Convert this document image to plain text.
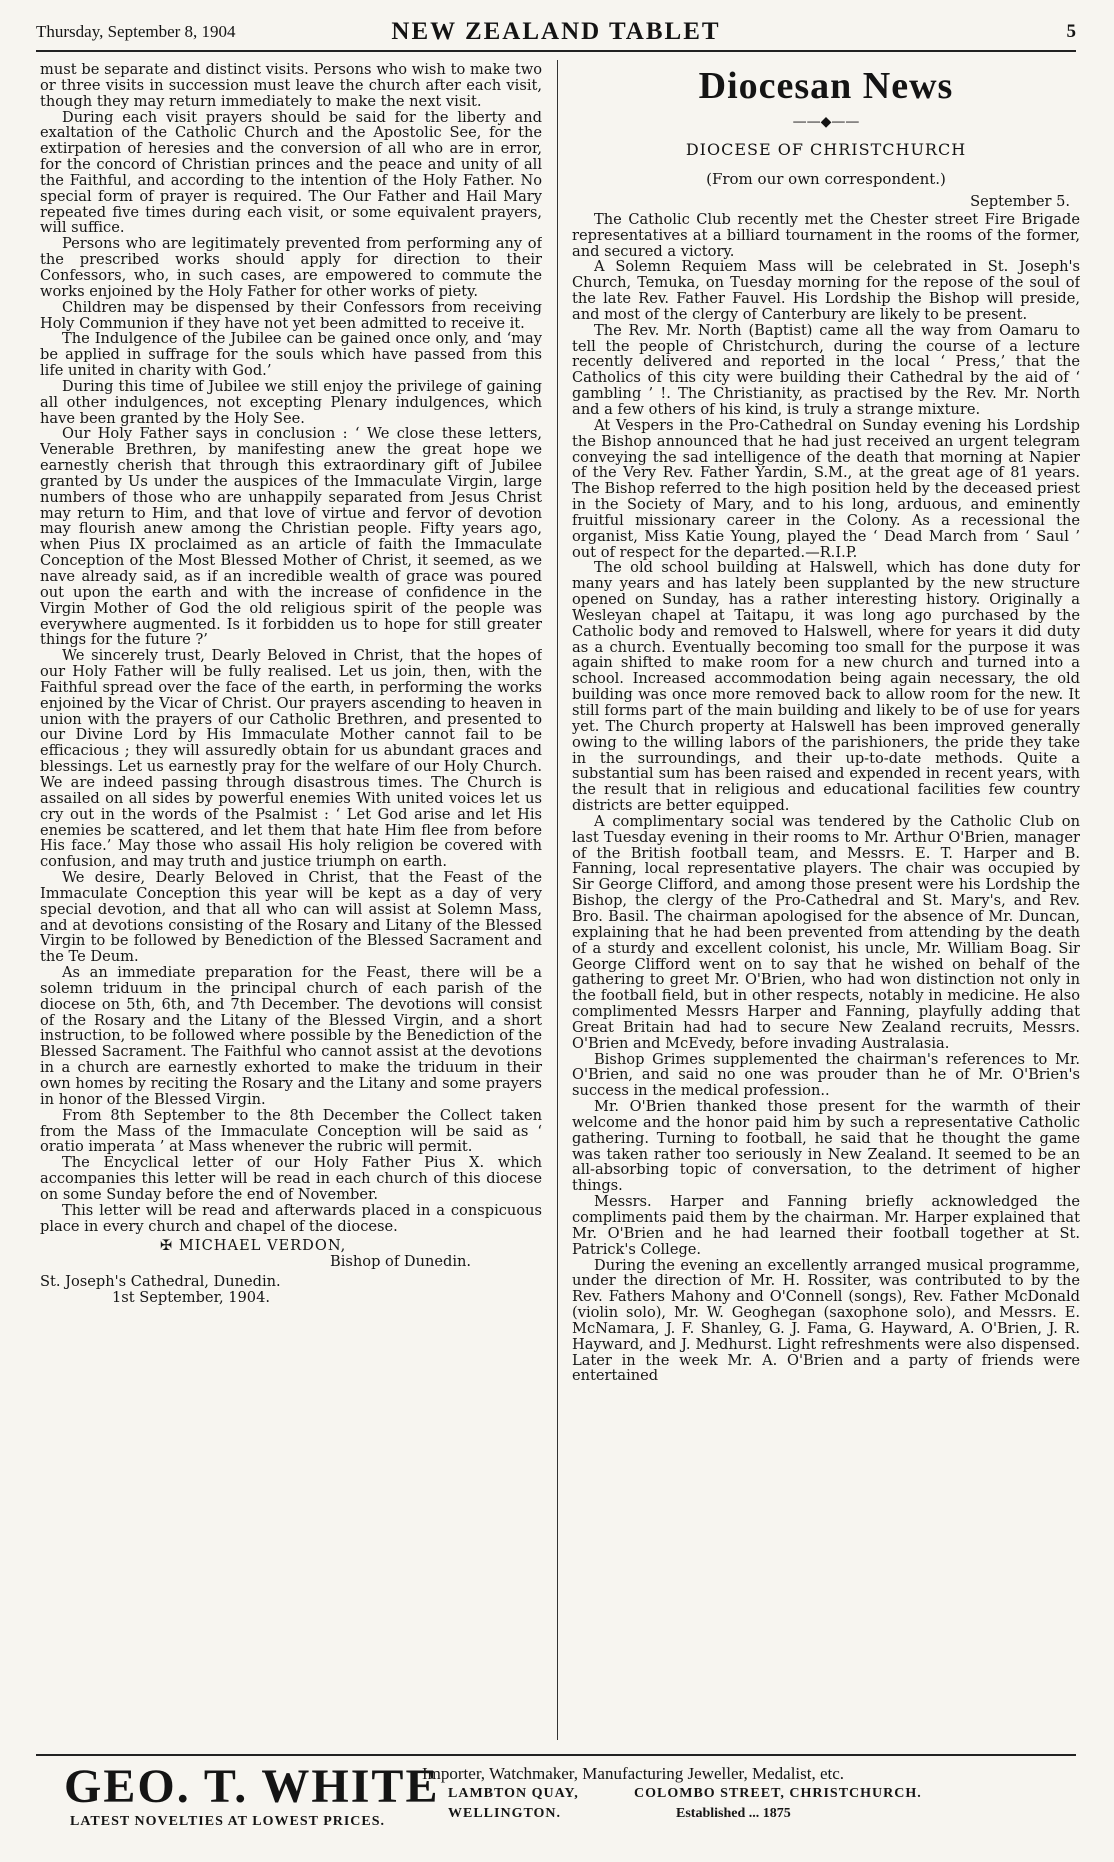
Thursday, September 8, 1904	NEW ZEALAND TABLET	5

must be separate and distinct visits. Persons who wish to make two or three visits in succession must leave the church after each visit, though they may return immediately to make the next visit.

During each visit prayers should be said for the liberty and exaltation of the Catholic Church and the Apostolic See, for the extirpation of heresies and the conversion of all who are in error, for the concord of Christian princes and the peace and unity of all the Faithful, and according to the intention of the Holy Father. No special form of prayer is required. The Our Father and Hail Mary repeated five times during each visit, or some equivalent prayers, will suffice.

Persons who are legitimately prevented from performing any of the prescribed works should apply for direction to their Confessors, who, in such cases, are empowered to commute the works enjoined by the Holy Father for other works of piety.

Children may be dispensed by their Confessors from receiving Holy Communion if they have not yet been admitted to receive it.

The Indulgence of the Jubilee can be gained once only, and ‘may be applied in suffrage for the souls which have passed from this life united in charity with God.’

During this time of Jubilee we still enjoy the privilege of gaining all other indulgences, not excepting Plenary indulgences, which have been granted by the Holy See.

Our Holy Father says in conclusion : ‘ We close these letters, Venerable Brethren, by manifesting anew the great hope we earnestly cherish that through this extraordinary gift of Jubilee granted by Us under the auspices of the Immaculate Virgin, large numbers of those who are unhappily separated from Jesus Christ may return to Him, and that love of virtue and fervor of devotion may flourish anew among the Christian people. Fifty years ago, when Pius IX proclaimed as an article of faith the Immaculate Conception of the Most Blessed Mother of Christ, it seemed, as we nave already said, as if an incredible wealth of grace was poured out upon the earth and with the increase of confidence in the Virgin Mother of God the old religious spirit of the people was everywhere augmented. Is it forbidden us to hope for still greater things for the future ?’

We sincerely trust, Dearly Beloved in Christ, that the hopes of our Holy Father will be fully realised. Let us join, then, with the Faithful spread over the face of the earth, in performing the works enjoined by the Vicar of Christ. Our prayers ascending to heaven in union with the prayers of our Catholic Brethren, and presented to our Divine Lord by His Immaculate Mother cannot fail to be efficacious ; they will assuredly obtain for us abundant graces and blessings. Let us earnestly pray for the welfare of our Holy Church. We are indeed passing through disastrous times. The Church is assailed on all sides by powerful enemies With united voices let us cry out in the words of the Psalmist : ‘ Let God arise and let His enemies be scattered, and let them that hate Him flee from before His face.’ May those who assail His holy religion be covered with confusion, and may truth and justice triumph on earth.

We desire, Dearly Beloved in Christ, that the Feast of the Immaculate Conception this year will be kept as a day of very special devotion, and that all who can will assist at Solemn Mass, and at devotions consisting of the Rosary and Litany of the Blessed Virgin to be followed by Benediction of the Blessed Sacrament and the Te Deum.

As an immediate preparation for the Feast, there will be a solemn triduum in the principal church of each parish of the diocese on 5th, 6th, and 7th December. The devotions will consist of the Rosary and the Litany of the Blessed Virgin, and a short instruction, to be followed where possible by the Benediction of the Blessed Sacrament. The Faithful who cannot assist at the devotions in a church are earnestly exhorted to make the triduum in their own homes by reciting the Rosary and the Litany and some prayers in honor of the Blessed Virgin.

From 8th September to the 8th December the Collect taken from the Mass of the Immaculate Conception will be said as ‘ oratio imperata ’ at Mass whenever the rubric will permit.

The Encyclical letter of our Holy Father Pius X. which accompanies this letter will be read in each church of this diocese on some Sunday before the end of November.

This letter will be read and afterwards placed in a conspicuous place in every church and chapel of the diocese.

✠ MICHAEL VERDON,
Bishop of Dunedin.
St. Joseph's Cathedral, Dunedin.
1st September, 1904.
Diocesan News
——◆——
DIOCESE OF CHRISTCHURCH
(From our own correspondent.)
September 5.

The Catholic Club recently met the Chester street Fire Brigade representatives at a billiard tournament in the rooms of the former, and secured a victory.

A Solemn Requiem Mass will be celebrated in St. Joseph's Church, Temuka, on Tuesday morning for the repose of the soul of the late Rev. Father Fauvel. His Lordship the Bishop will preside, and most of the clergy of Canterbury are likely to be present.

The Rev. Mr. North (Baptist) came all the way from Oamaru to tell the people of Christchurch, during the course of a lecture recently delivered and reported in the local ‘ Press,’ that the Catholics of this city were building their Cathedral by the aid of ‘ gambling ’ !. The Christianity, as practised by the Rev. Mr. North and a few others of his kind, is truly a strange mixture.

At Vespers in the Pro-Cathedral on Sunday evening his Lordship the Bishop announced that he had just received an urgent telegram conveying the sad intelligence of the death that morning at Napier of the Very Rev. Father Yardin, S.M., at the great age of 81 years. The Bishop referred to the high position held by the deceased priest in the Society of Mary, and to his long, arduous, and eminently fruitful missionary career in the Colony. As a recessional the organist, Miss Katie Young, played the ‘ Dead March from ‘ Saul ’ out of respect for the departed.—R.I.P.

The old school building at Halswell, which has done duty for many years and has lately been supplanted by the new structure opened on Sunday, has a rather interesting history. Originally a Wesleyan chapel at Taitapu, it was long ago purchased by the Catholic body and removed to Halswell, where for years it did duty as a church. Eventually becoming too small for the purpose it was again shifted to make room for a new church and turned into a school. Increased accommodation being again necessary, the old building was once more removed back to allow room for the new. It still forms part of the main building and likely to be of use for years yet. The Church property at Halswell has been improved generally owing to the willing labors of the parishioners, the pride they take in the surroundings, and their up-to-date methods. Quite a substantial sum has been raised and expended in recent years, with the result that in religious and educational facilities few country districts are better equipped.

A complimentary social was tendered by the Catholic Club on last Tuesday evening in their rooms to Mr. Arthur O'Brien, manager of the British football team, and Messrs. E. T. Harper and B. Fanning, local representative players. The chair was occupied by Sir George Clifford, and among those present were his Lordship the Bishop, the clergy of the Pro-Cathedral and St. Mary's, and Rev. Bro. Basil. The chairman apologised for the absence of Mr. Duncan, explaining that he had been prevented from attending by the death of a sturdy and excellent colonist, his uncle, Mr. William Boag. Sir George Clifford went on to say that he wished on behalf of the gathering to greet Mr. O'Brien, who had won distinction not only in the football field, but in other respects, notably in medicine. He also complimented Messrs Harper and Fanning, playfully adding that Great Britain had had to secure New Zealand recruits, Messrs. O'Brien and McEvedy, before invading Australasia.

Bishop Grimes supplemented the chairman's references to Mr. O'Brien, and said no one was prouder than he of Mr. O'Brien's success in the medical profession..

Mr. O'Brien thanked those present for the warmth of their welcome and the honor paid him by such a representative Catholic gathering. Turning to football, he said that he thought the game was taken rather too seriously in New Zealand. It seemed to be an all-absorbing topic of conversation, to the detriment of higher things.

Messrs. Harper and Fanning briefly acknowledged the compliments paid them by the chairman. Mr. Harper explained that Mr. O'Brien and he had learned their football together at St. Patrick's College.

During the evening an excellently arranged musical programme, under the direction of Mr. H. Rossiter, was contributed to by the Rev. Fathers Mahony and O'Connell (songs), Rev. Father McDonald (violin solo), Mr. W. Geoghegan (saxophone solo), and Messrs. E. McNamara, J. F. Shanley, G. J. Fama, G. Hayward, A. O'Brien, J. R. Hayward, and J. Medhurst. Light refreshments were also dispensed. Later in the week Mr. A. O'Brien and a party of friends were entertained

GEO. T. WHITE
LATEST NOVELTIES AT LOWEST PRICES.
Importer, Watchmaker, Manufacturing Jeweller, Medalist, etc.
LAMBTON QUAY,
WELLINGTON.
COLOMBO STREET, CHRISTCHURCH.
Established ... 1875
